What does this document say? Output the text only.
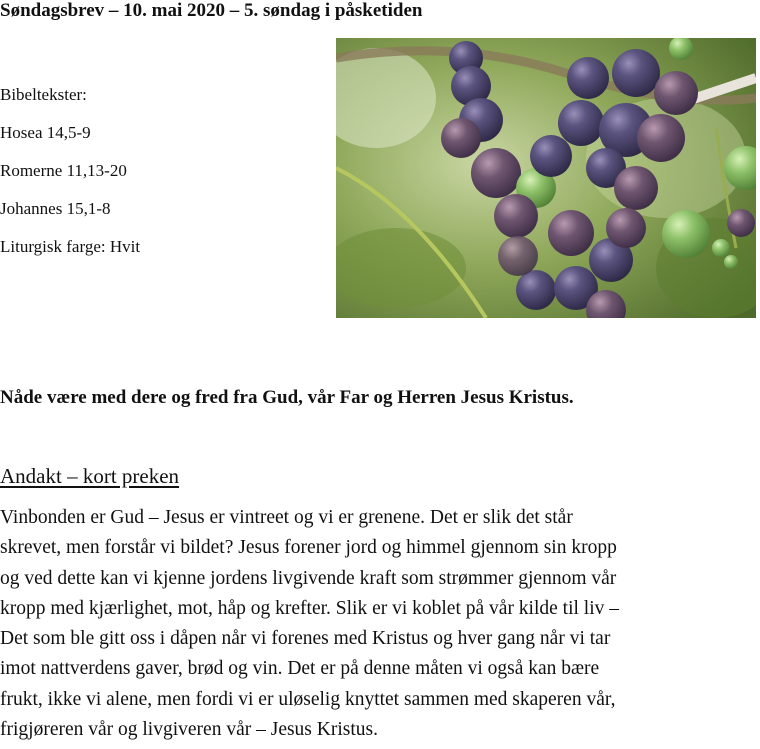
Søndagsbrev – 10. mai 2020 – 5. søndag i påsketiden
Bibeltekster:
Hosea 14,5-9
Romerne 11,13-20
Johannes 15,1-8
Liturgisk farge: Hvit
Nåde være med dere og fred fra Gud, vår Far og Herren Jesus Kristus.
Andakt – kort preken
Vinbonden er Gud – Jesus er vintreet og vi er grenene. Det er slik det står
skrevet, men forstår vi bildet? Jesus forener jord og himmel gjennom sin kropp
og ved dette kan vi kjenne jordens livgivende kraft som strømmer gjennom vår
kropp med kjærlighet, mot, håp og krefter. Slik er vi koblet på vår kilde til liv –
Det som ble gitt oss i dåpen når vi forenes med Kristus og hver gang når vi tar
imot nattverdens gaver, brød og vin. Det er på denne måten vi også kan bære
frukt, ikke vi alene, men fordi vi er uløselig knyttet sammen med skaperen vår,
frigjøreren vår og livgiveren vår – Jesus Kristus.
